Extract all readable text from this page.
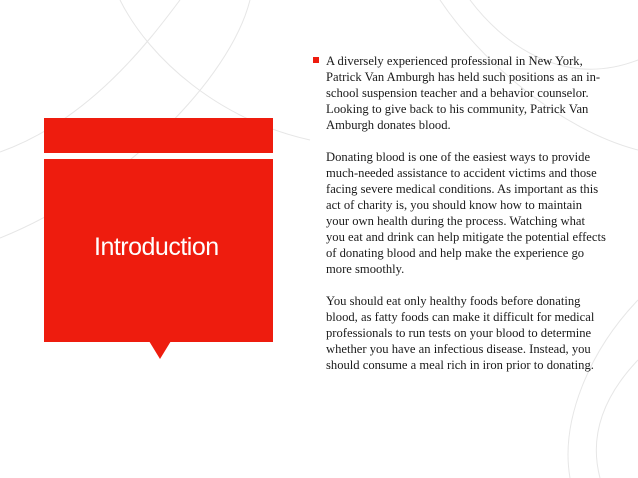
Introduction

A diversely experienced professional in New York, Patrick Van Amburgh has held such positions as an in-school suspension teacher and a behavior counselor. Looking to give back to his community, Patrick Van Amburgh donates blood.

Donating blood is one of the easiest ways to provide much-needed assistance to accident victims and those facing severe medical conditions. As important as this act of charity is, you should know how to maintain your own health during the process. Watching what you eat and drink can help mitigate the potential effects of donating blood and help make the experience go more smoothly.

You should eat only healthy foods before donating blood, as fatty foods can make it difficult for medical professionals to run tests on your blood to determine whether you have an infectious disease. Instead, you should consume a meal rich in iron prior to donating.
